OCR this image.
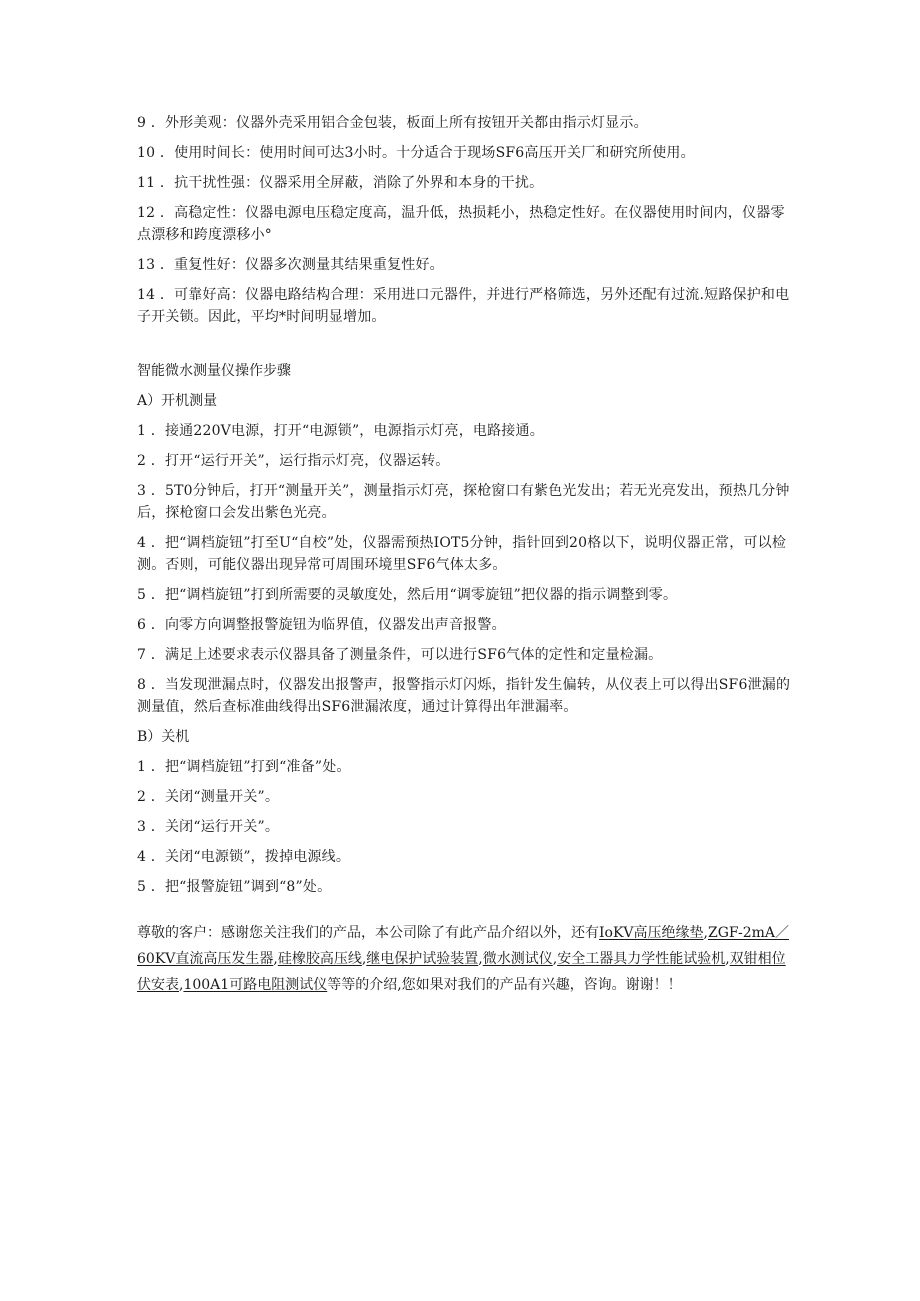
9 ．外形美观：仪器外壳采用铝合金包装，板面上所有按钮开关都由指示灯显示。

10 ．使用时间长：使用时间可达3小时。十分适合于现场SF6高压开关厂和研究所使用。

11 ．抗干扰性强：仪器采用全屏蔽，消除了外界和本身的干扰。

12 ．高稳定性：仪器电源电压稳定度高，温升低，热损耗小，热稳定性好。在仪器使用时间内，仪器零点漂移和跨度漂移小°

13 ．重复性好：仪器多次测量其结果重复性好。

14 ．可靠好高：仪器电路结构合理：采用进口元器件，并进行严格筛选，另外还配有过流.短路保护和电子开关锁。因此，平均*时间明显增加。

智能微水测量仪操作步骤

A）开机测量

1 ．接通220V电源，打开“电源锁”，电源指示灯亮，电路接通。

2 ．打开“运行开关”，运行指示灯亮，仪器运转。

3 ．5T0分钟后，打开“测量开关”，测量指示灯亮，探枪窗口有紫色光发出；若无光亮发出，预热几分钟后，探枪窗口会发出紫色光亮。

4 ．把“调档旋钮”打至U“自校”处，仪器需预热IOT5分钟，指针回到20格以下，说明仪器正常，可以检测。否则，可能仪器出现异常可周围环境里SF6气体太多。

5 ．把“调档旋钮”打到所需要的灵敏度处，然后用“调零旋钮”把仪器的指示调整到零。

6 ．向零方向调整报警旋钮为临界值，仪器发出声音报警。

7 ．满足上述要求表示仪器具备了测量条件，可以进行SF6气体的定性和定量检漏。

8 ．当发现泄漏点时，仪器发出报警声，报警指示灯闪烁，指针发生偏转，从仪表上可以得出SF6泄漏的测量值，然后查标准曲线得出SF6泄漏浓度，通过计算得出年泄漏率。

B）关机

1 ．把“调档旋钮”打到“准备”处。

2 ．关闭“测量开关”。

3 ．关闭“运行开关”。

4 ．关闭“电源锁”，拨掉电源线。

5 ．把“报警旋钮”调到“8”处。

尊敬的客户：感谢您关注我们的产品，本公司除了有此产品介绍以外，还有IoKV高压绝缘垫,ZGF-2mA／60KV直流高压发生器,硅橡胶高压线,继电保护试验装置,微水测试仪,安全工器具力学性能试验机,双钳相位伏安表,100A1可路电阻测试仪等等的介绍,您如果对我们的产品有兴趣，咨询。谢谢！！
